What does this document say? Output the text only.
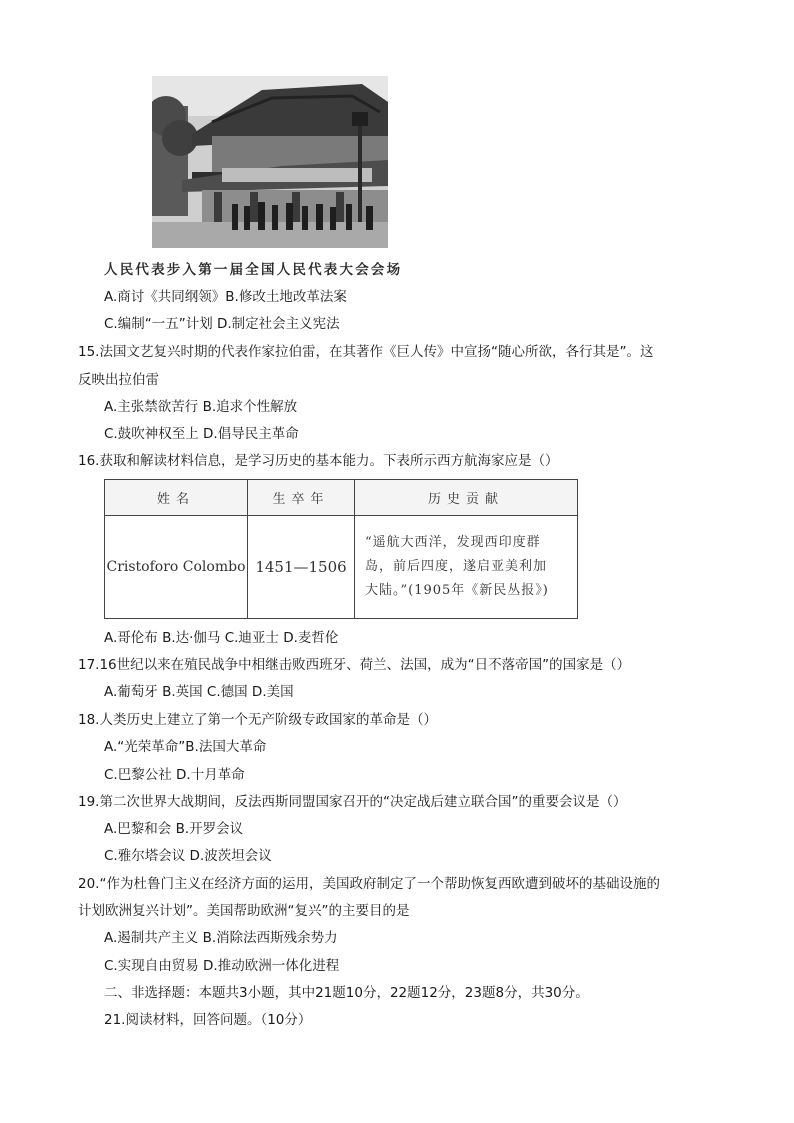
人民代表步入第一届全国人民代表大会会场
A.商讨《共同纲领》B.修改土地改革法案
C.编制“一五”计划 D.制定社会主义宪法
15.法国文艺复兴时期的代表作家拉伯雷，在其著作《巨人传》中宣扬“随心所欲，各行其是”。这
反映出拉伯雷
A.主张禁欲苦行 B.追求个性解放
C.鼓吹神权至上 D.倡导民主革命
16.获取和解读材料信息，是学习历史的基本能力。下表所示西方航海家应是（）
姓名	生卒年	历史贡献
Cristoforo Colombo	1451—1506	“遥航大西洋，发现西印度群
岛，前后四度，遂启亚美利加
大陆。”(1905年《新民丛报》)
A.哥伦布 B.达·伽马 C.迪亚士 D.麦哲伦
17.16世纪以来在殖民战争中相继击败西班牙、荷兰、法国，成为“日不落帝国”的国家是（）
A.葡萄牙 B.英国 C.德国 D.美国
18.人类历史上建立了第一个无产阶级专政国家的革命是（）
A.“光荣革命”B.法国大革命
C.巴黎公社 D.十月革命
19.第二次世界大战期间，反法西斯同盟国家召开的“决定战后建立联合国”的重要会议是（）
A.巴黎和会 B.开罗会议
C.雅尔塔会议 D.波茨坦会议
20.“作为杜鲁门主义在经济方面的运用，美国政府制定了一个帮助恢复西欧遭到破坏的基础设施的
计划欧洲复兴计划”。美国帮助欧洲“复兴”的主要目的是
A.遏制共产主义 B.消除法西斯残余势力
C.实现自由贸易 D.推动欧洲一体化进程
二、非选择题：本题共3小题，其中21题10分，22题12分，23题8分，共30分。
21.阅读材料，回答问题。（10分）
